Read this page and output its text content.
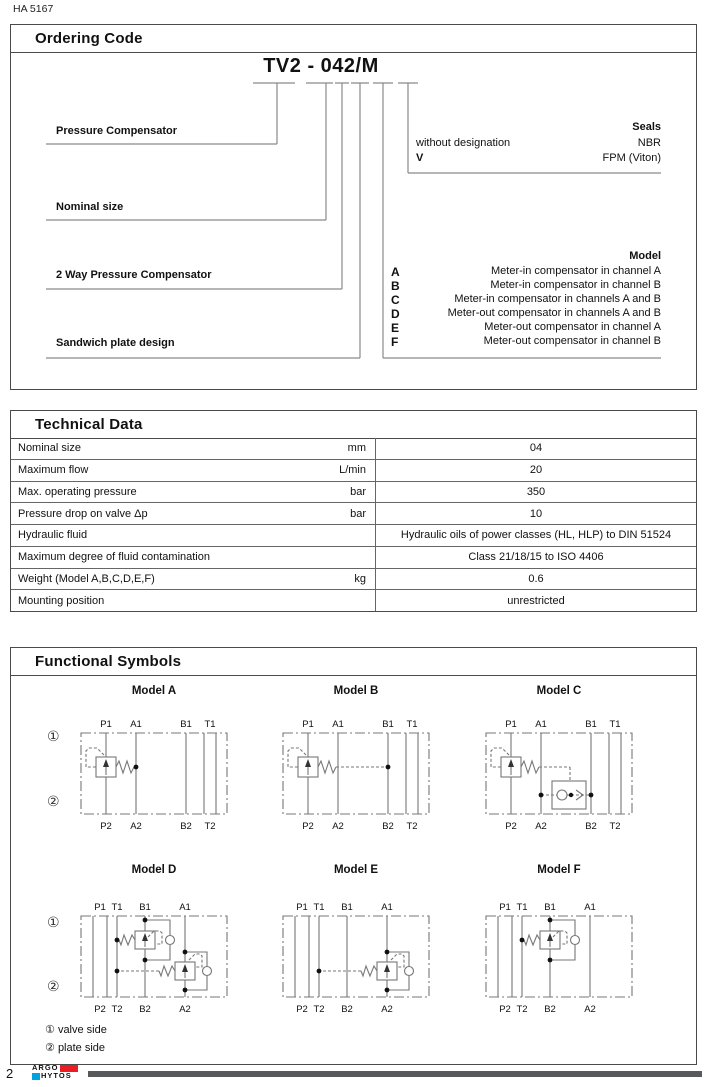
HA 5167
Ordering Code
TV2 - 042/M
Pressure Compensator
Nominal size
2 Way Pressure Compensator
Sandwich plate design
Seals
without designation	NBR
V	FPM (Viton)
Model
A	Meter-in compensator in channel A
B	Meter-in compensator in channel B
C	Meter-in compensator in channels A and B
D	Meter-out compensator in channels A and B
E	Meter-out compensator in channel A
F	Meter-out compensator in channel B
Technical Data
Nominal size	mm	04
Maximum flow	L/min	20
Max. operating pressure	bar	350
Pressure drop on valve Δp	bar	10
Hydraulic fluid	Hydraulic oils of power classes (HL, HLP) to DIN 51524
Maximum degree of fluid contamination	Class 21/18/15 to ISO 4406
Weight (Model A,B,C,D,E,F)	kg	0.6
Mounting position	unrestricted
Functional Symbols
①
②
①
②
Model A	Model B	Model C
P1 A1	B1 T1
P2 A2	B2 T2
P1 A1	B1 T1
P2 A2	B2 T2
P1 A1	B1 T1
P2 A2	B2 T2
Model D	Model E	Model F
P1 T1 B1	A1
P2 T2 B2	A2
P1 T1 B1	A1
P2 T2 B2	A2
P1 T1 B1	A1
P2 T2 B2	A2
① valve side
② plate side
2	ARGO
HYTOS
